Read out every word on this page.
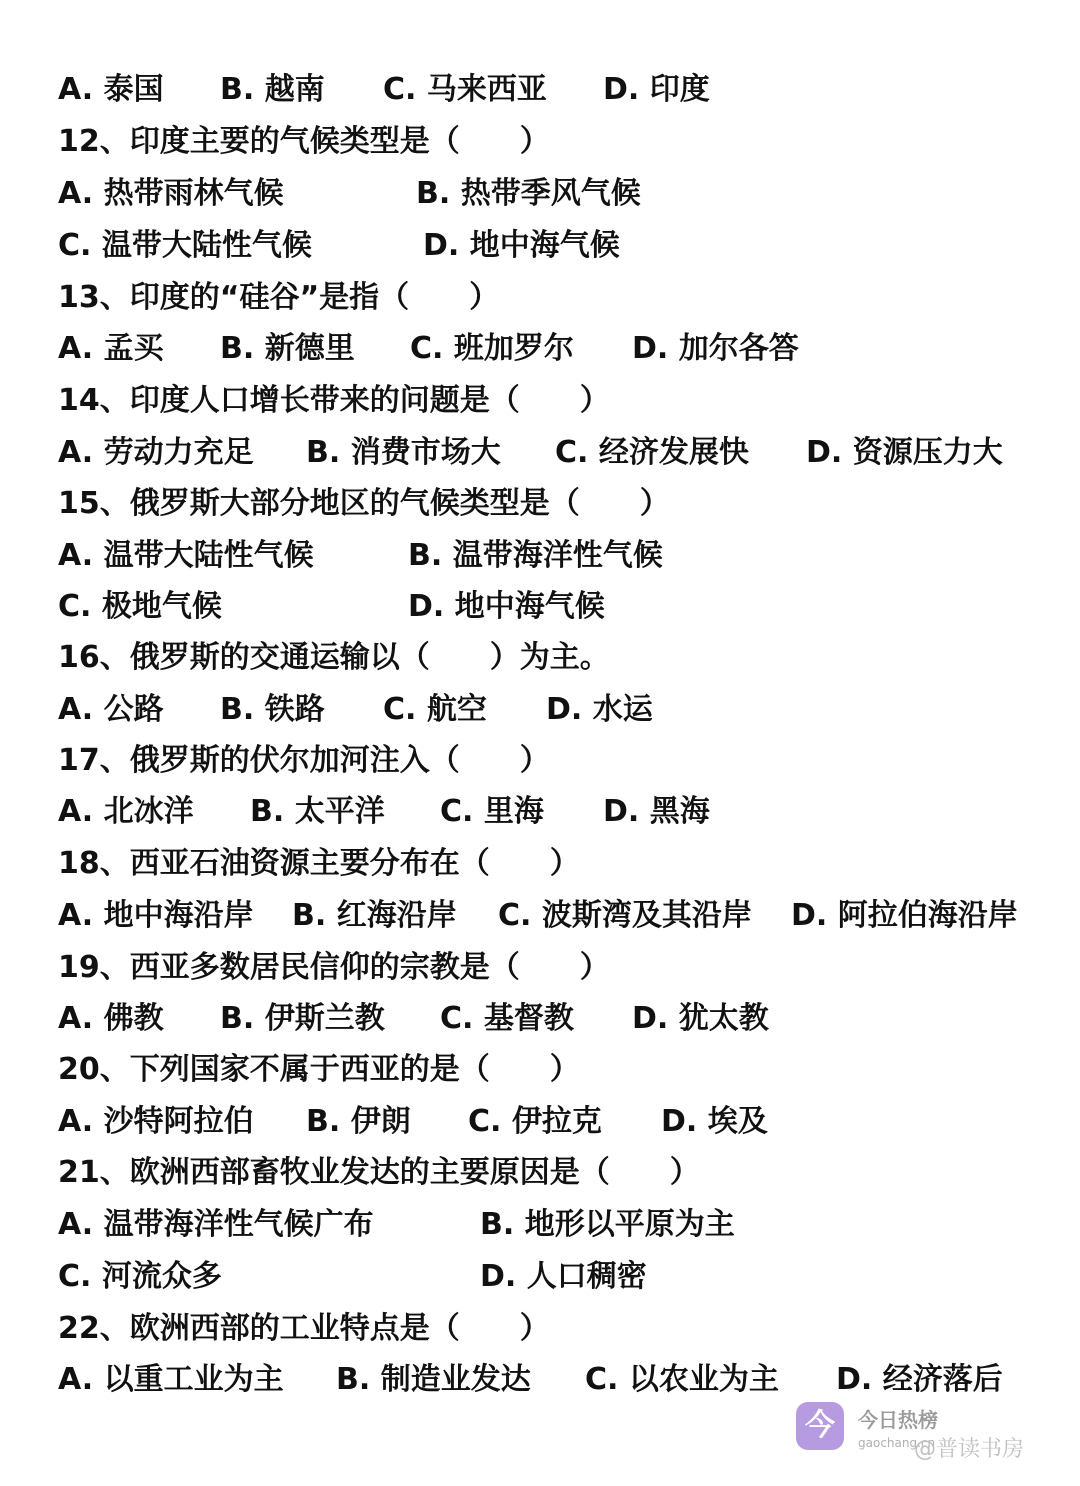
A. 泰国 B. 越南 C. 马来西亚 D. 印度
12、印度主要的气候类型是（　　）
A. 热带雨林气候	B. 热带季风气候
C. 温带大陆性气候	D. 地中海气候
13、印度的“硅谷”是指（　　）
A. 孟买 B. 新德里 C. 班加罗尔 D. 加尔各答
14、印度人口增长带来的问题是（　　）
A. 劳动力充足 B. 消费市场大 C. 经济发展快 D. 资源压力大
15、俄罗斯大部分地区的气候类型是（　　）
A. 温带大陆性气候	B. 温带海洋性气候
C. 极地气候	D. 地中海气候
16、俄罗斯的交通运输以（　　）为主。
A. 公路 B. 铁路 C. 航空 D. 水运
17、俄罗斯的伏尔加河注入（　　）
A. 北冰洋 B. 太平洋 C. 里海 D. 黑海
18、西亚石油资源主要分布在（　　）
A. 地中海沿岸 B. 红海沿岸 C. 波斯湾及其沿岸 D. 阿拉伯海沿岸
19、西亚多数居民信仰的宗教是（　　）
A. 佛教 B. 伊斯兰教 C. 基督教 D. 犹太教
20、下列国家不属于西亚的是（　　）
A. 沙特阿拉伯 B. 伊朗 C. 伊拉克 D. 埃及
21、欧洲西部畜牧业发达的主要原因是（　　）
A. 温带海洋性气候广布	B. 地形以平原为主
C. 河流众多	D. 人口稠密
22、欧洲西部的工业特点是（　　）
A. 以重工业为主 B. 制造业发达 C. 以农业为主 D. 经济落后
今	今日热榜
gaochang.cn
@普读书房
